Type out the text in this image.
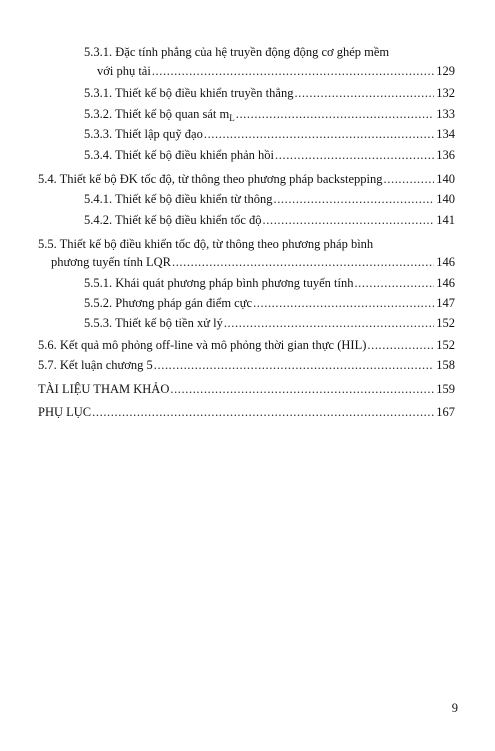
5.3.1. Đặc tính phẳng của hệ truyền động động cơ ghép mềm
với phụ tải .....	129
5.3.1. Thiết kế bộ điều khiển truyền thẳng .....	132
5.3.2. Thiết kế bộ quan sát $m_L$ .....	133
5.3.3. Thiết lập quỹ đạo .....	134
5.3.4. Thiết kế bộ điều khiển phản hồi .....	136
5.4. Thiết kế bộ ĐK tốc độ, từ thông theo phương pháp backstepping .....	140
5.4.1. Thiết kế bộ điều khiển từ thông .....	140
5.4.2. Thiết kế bộ điều khiển tốc độ .....	141
5.5. Thiết kế bộ điều khiển tốc độ, từ thông theo phương pháp bình
phương tuyến tính LQR .....	146
5.5.1. Khái quát phương pháp bình phương tuyến tính .....	146
5.5.2. Phương pháp gán điểm cực .....	147
5.5.3. Thiết kế bộ tiền xử lý .....	152
5.6. Kết quả mô phỏng off-line và mô phỏng thời gian thực (HIL) .....	152
5.7. Kết luận chương 5 .....	158
TÀI LIỆU THAM KHẢO .....	159
PHỤ LỤC .....	167
9
